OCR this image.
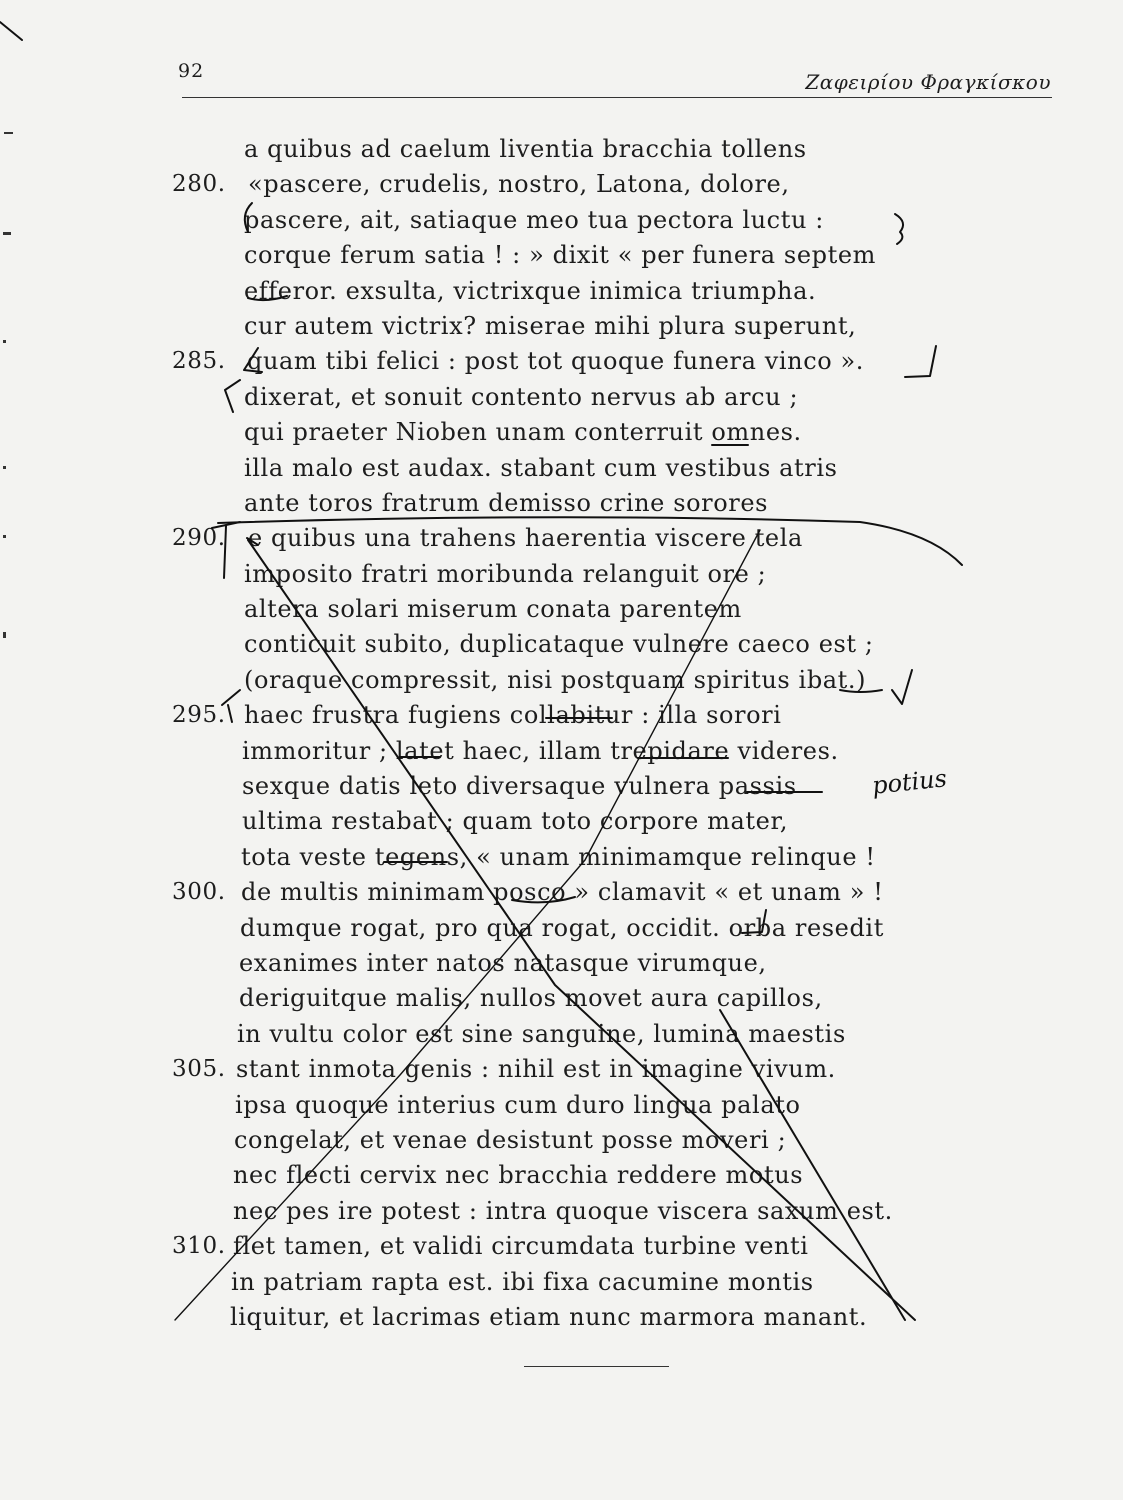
92	Ζαφειρίου Φραγκίσκου
a quibus ad caelum liventia bracchia tollens
280. «pascere, crudelis, nostro, Latona, dolore,
pascere, ait, satiaque meo tua pectora luctu :
corque ferum satia ! : » dixit « per funera septem
efferor. exsulta, victrixque inimica triumpha.
cur autem victrix? miserae mihi plura superunt,
285. quam tibi felici : post tot quoque funera vinco ».
dixerat, et sonuit contento nervus ab arcu ;
qui praeter Nioben unam conterruit omnes.
illa malo est audax. stabant cum vestibus atris
ante toros fratrum demisso crine sorores
290. e quibus una trahens haerentia viscere tela
imposito fratri moribunda relanguit ore ;
altera solari miserum conata parentem
conticuit subito, duplicataque vulnere caeco est ;
(oraque compressit, nisi postquam spiritus ibat.)
295. haec frustra fugiens collabitur : illa sorori
immoritur ; latet haec, illam trepidare videres.
sexque datis leto diversaque vulnera passis
ultima restabat ; quam toto corpore mater,
tota veste tegens, « unam minimamque relinque !
300. de multis minimam posco » clamavit « et unam » !
dumque rogat, pro qua rogat, occidit. orba resedit
exanimes inter natos natasque virumque,
deriguitque malis, nullos movet aura capillos,
in vultu color est sine sanguine, lumina maestis
305. stant inmota genis : nihil est in imagine vivum.
ipsa quoque interius cum duro lingua palato
congelat, et venae desistunt posse moveri ;
nec flecti cervix nec bracchia reddere motus
nec pes ire potest : intra quoque viscera saxum est.
310. flet tamen, et validi circumdata turbine venti
in patriam rapta est. ibi fixa cacumine montis
liquitur, et lacrimas etiam nunc marmora manant.
potius
